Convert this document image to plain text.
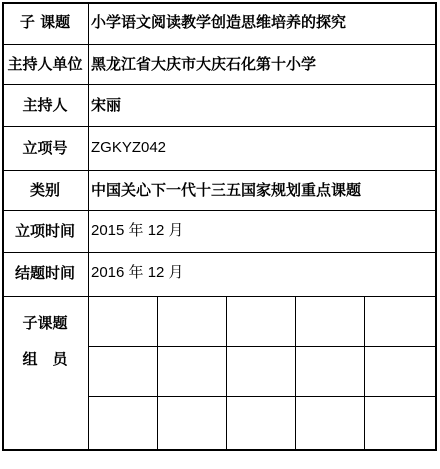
子 课题	小学语文阅读教学创造思维培养的探究
主持人单位 黑龙江省大庆市大庆石化第十小学
主持人	宋丽
立项号	ZGKYZ042
类别	中国关心下一代十三五国家规划重点课题
立项时间	2015 年 12 月
结题时间	2016 年 12 月
子课题
组　员
